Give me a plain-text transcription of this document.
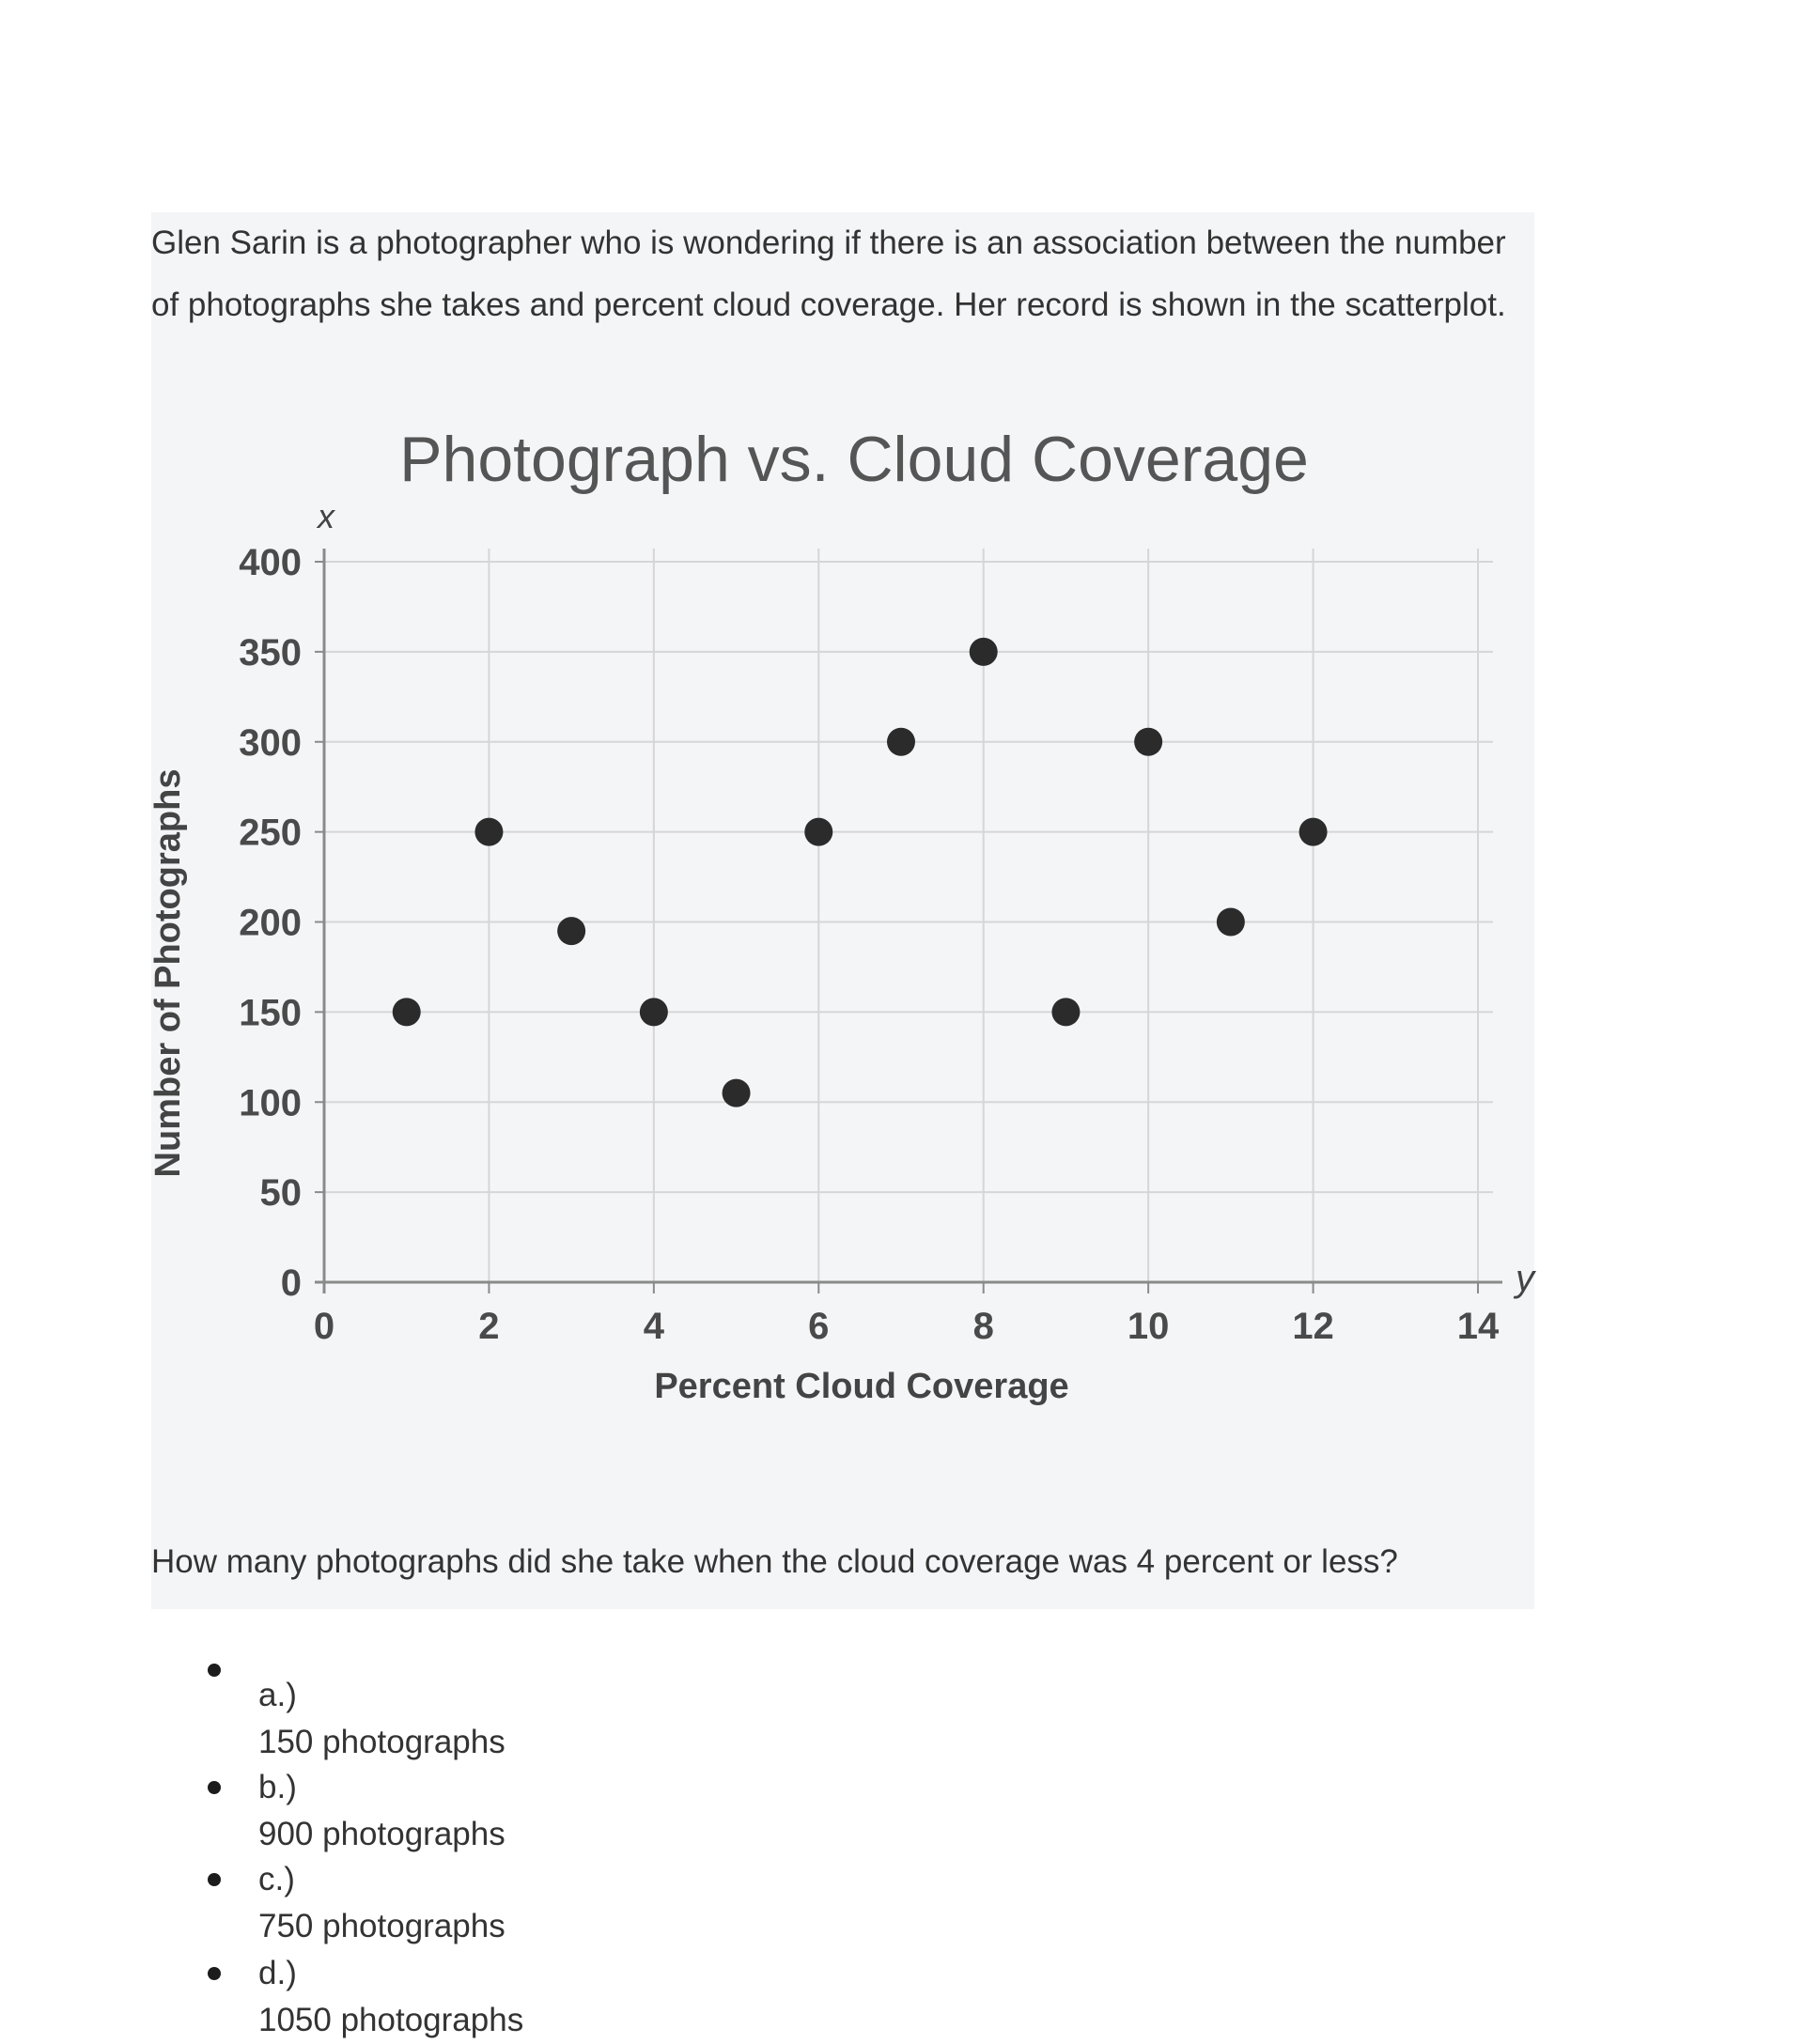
Glen Sarin is a photographer who is wondering if there is an association between the number of photographs she takes and percent cloud coverage. Her record is shown in the scatterplot.

0
50
100
150
200
250
300
350
400
0	2	4	6	8	10	12	14
Photograph vs. Cloud Coverage
Percent Cloud Coverage
Number of Photographs
x
y

How many photographs did she take when the cloud coverage was 4 percent or less?

a.)
150 photographs
b.)
900 photographs
c.)
750 photographs
d.)
1050 photographs
